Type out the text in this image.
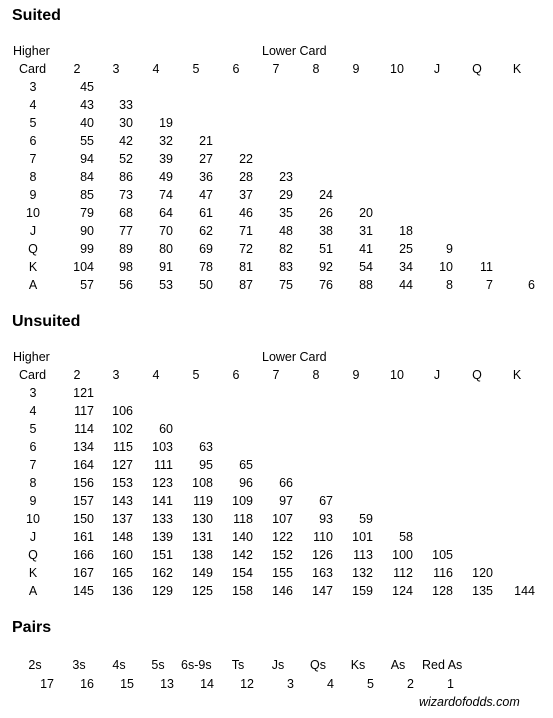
Suited
Higher	Lower Card
Card	2	3	4	5	6	7	8	9	10	J	Q	K
3	45
4	43	33
5	40	30	19
6	55	42	32	21
7	94	52	39	27	22
8	84	86	49	36	28	23
9	85	73	74	47	37	29	24
10	79	68	64	61	46	35	26	20
J	90	77	70	62	71	48	38	31	18
Q	99	89	80	69	72	82	51	41	25	9
K	104	98	91	78	81	83	92	54	34	10	11
A	57	56	53	50	87	75	76	88	44	8	7	6
Unsuited
Higher	Lower Card
Card	2	3	4	5	6	7	8	9	10	J	Q	K
3	121
4	117	106
5	114	102	60
6	134	115	103	63
7	164	127	111	95	65
8	156	153	123	108	96	66
9	157	143	141	119	109	97	67
10	150	137	133	130	118	107	93	59
J	161	148	139	131	140	122	110	101	58
Q	166	160	151	138	142	152	126	113	100	105
K	167	165	162	149	154	155	163	132	112	116	120
A	145	136	129	125	158	146	147	159	124	128	135	144
Pairs
2s	3s	4s	5s	6s-9s	Ts	Js	Qs	Ks	As	Red As
17	16	15	13	14	12	3	4	5	2	1
wizardofodds.com
